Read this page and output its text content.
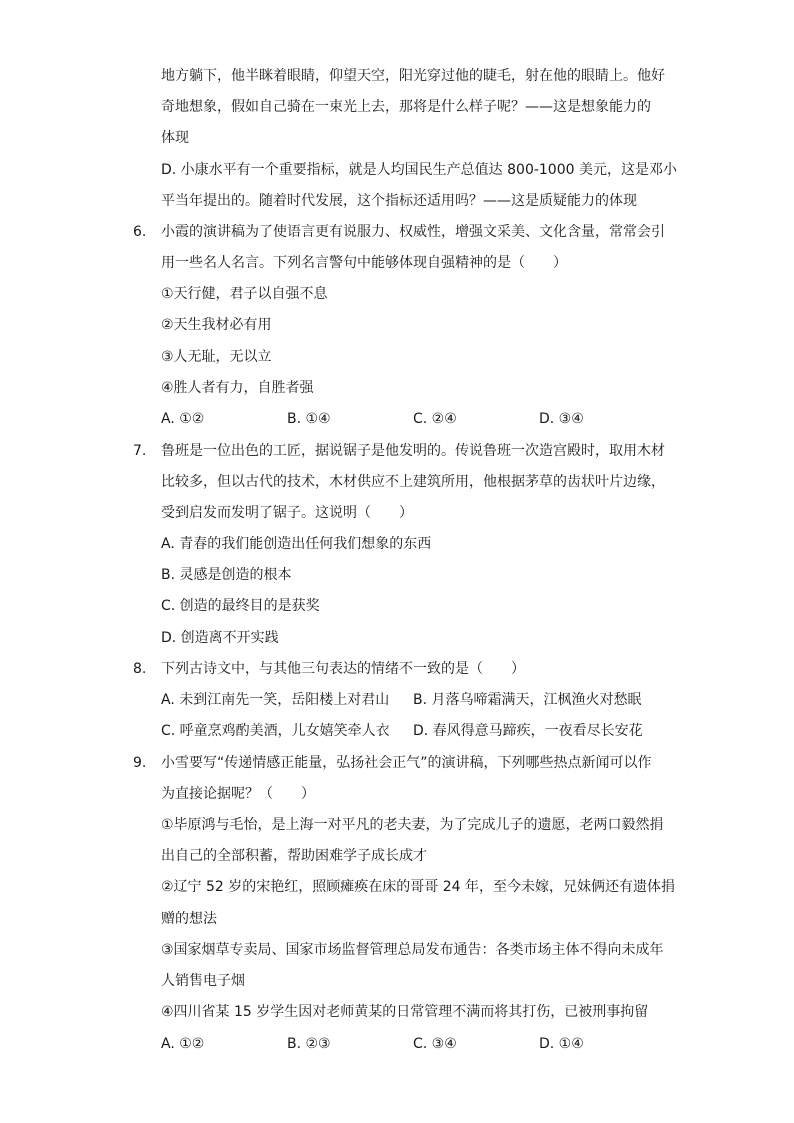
地方躺下，他半眯着眼睛，仰望天空，阳光穿过他的睫毛，射在他的眼睛上。他好
奇地想象，假如自己骑在一束光上去，那将是什么样子呢？——这是想象能力的
体现
D. 小康水平有一个重要指标，就是人均国民生产总值达 800-1000 美元，这是邓小
平当年提出的。随着时代发展，这个指标还适用吗？——这是质疑能力的体现
6. 小霞的演讲稿为了使语言更有说服力、权威性，增强文采美、文化含量，常常会引
用一些名人名言。下列名言警句中能够体现自强精神的是（　　）
①天行健，君子以自强不息
②天生我材必有用
③人无耻，无以立
④胜人者有力，自胜者强
A. ①②	B. ①④	C. ②④	D. ③④
7. 鲁班是一位出色的工匠，据说锯子是他发明的。传说鲁班一次造宫殿时，取用木材
比较多，但以古代的技术，木材供应不上建筑所用，他根据茅草的齿状叶片边缘，
受到启发而发明了锯子。这说明（　　）
A. 青春的我们能创造出任何我们想象的东西
B. 灵感是创造的根本
C. 创造的最终目的是获奖
D. 创造离不开实践
8. 下列古诗文中，与其他三句表达的情绪不一致的是（　　）
A. 未到江南先一笑，岳阳楼上对君山 B. 月落乌啼霜满天，江枫渔火对愁眠
C. 呼童烹鸡酌美酒，儿女嬉笑牵人衣 D. 春风得意马蹄疾，一夜看尽长安花
9. 小雪要写“传递情感正能量，弘扬社会正气”的演讲稿，下列哪些热点新闻可以作
为直接论据呢？（　　）
①毕原鸿与毛怡，是上海一对平凡的老夫妻，为了完成儿子的遗愿，老两口毅然捐
出自己的全部积蓄，帮助困难学子成长成才
②辽宁 52 岁的宋艳红，照顾瘫痪在床的哥哥 24 年，至今未嫁，兄妹俩还有遗体捐
赠的想法
③国家烟草专卖局、国家市场监督管理总局发布通告：各类市场主体不得向未成年
人销售电子烟
④四川省某 15 岁学生因对老师黄某的日常管理不满而将其打伤，已被刑事拘留
A. ①②	B. ②③	C. ③④	D. ①④
